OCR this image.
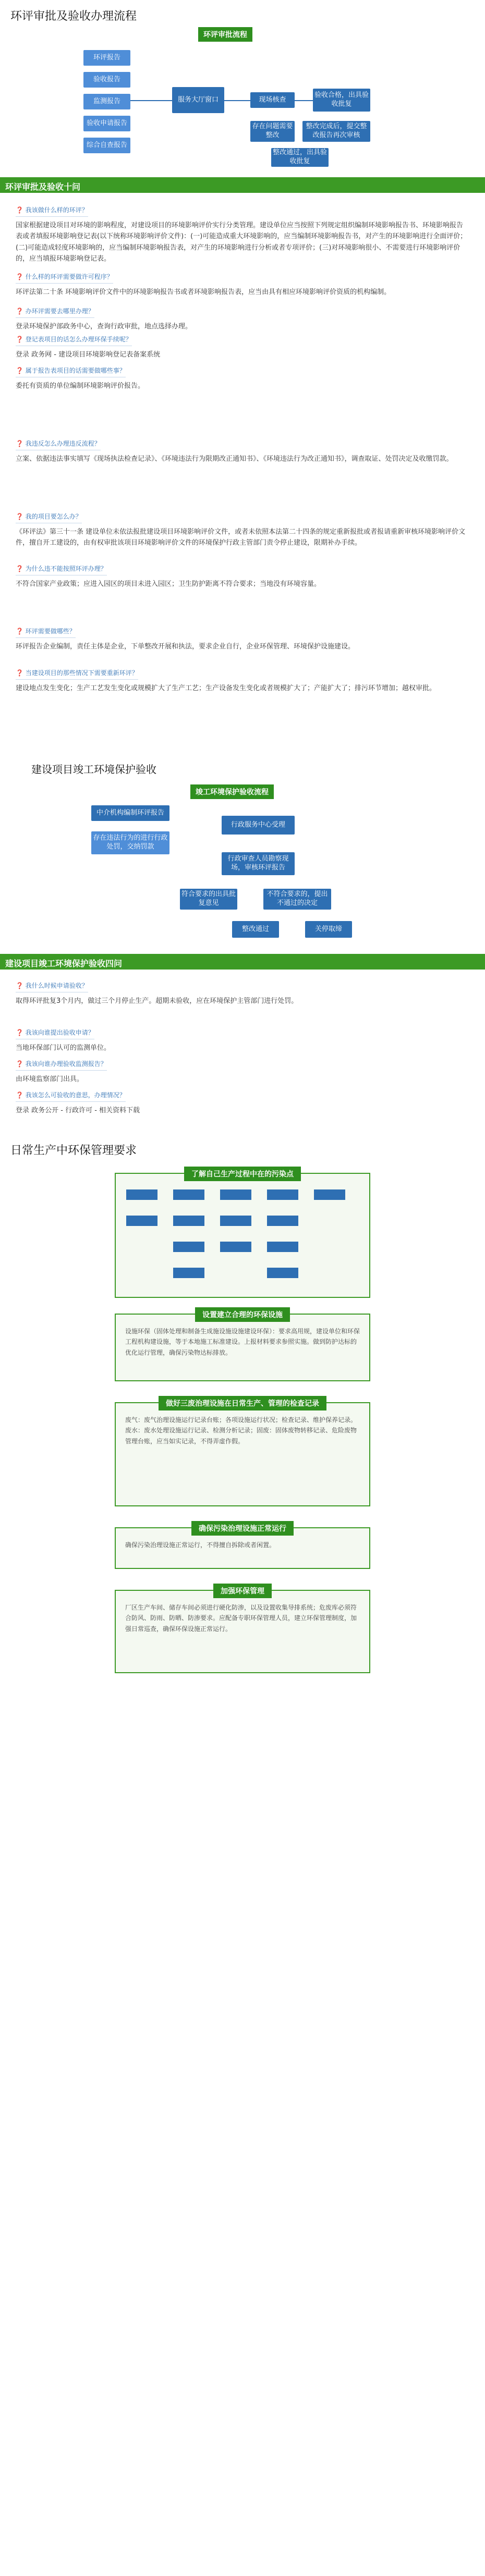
环评审批及验收办理流程
环评审批流程
环评报告
验收报告
监测报告
验收申请报告
综合自查报告
服务大厅窗口	现场核查
验收合格，出具验收批复
存在问题需要整改
整改完成后，提交整改报告再次审核
整改通过，出具验收批复
环评审批及验收十问
❓ 我该做什么样的环评？
国家根据建设项目对环境的影响程度，对建设项目的环境影响评价实行分类管理。建设单位应当按照下列规定组织编制环境影响报告书、环境影响报告表或者填报环境影响登记表(以下统称环境影响评价文件)：(一)可能造成重大环境影响的，应当编制环境影响报告书，对产生的环境影响进行全面评价；(二)可能造成轻度环境影响的，应当编制环境影响报告表，对产生的环境影响进行分析或者专项评价；(三)对环境影响很小、不需要进行环境影响评价的，应当填报环境影响登记表。
❓ 什么样的环评需要做许可程序？
环评法第二十条 环境影响评价文件中的环境影响报告书或者环境影响报告表，应当由具有相应环境影响评价资质的机构编制。
❓ 办环评需要去哪里办理？
登录环境保护部政务中心，查询行政审批，地点选择办理。
❓ 登记表项目的话怎么办理环保手续呢？
登录 政务网 - 建设项目环境影响登记表备案系统
❓ 属于报告表项目的话需要做哪些事？
委托有资质的单位编制环境影响评价报告。
❓ 我违反怎么办理违反流程？
立案、依据违法事实填写《现场执法检查记录》、《环境违法行为限期改正通知书》、《环境违法行为改正通知书》，调查取证、处罚决定及收缴罚款。
❓ 我的项目要怎么办？
《环评法》第三十一条 建设单位未依法报批建设项目环境影响评价文件，或者未依照本法第二十四条的规定重新报批或者报请重新审核环境影响评价文件，擅自开工建设的，由有权审批该项目环境影响评价文件的环境保护行政主管部门责令停止建设，限期补办手续。
❓ 为什么违不能按照环评办理？
不符合国家产业政策；应进入园区的项目未进入园区；卫生防护距离不符合要求；当地没有环境容量。
❓ 环评需要做哪些？
环评报告企业编制，责任主体是企业，下单整改开展和执法，要求企业自行，企业环保管理、环境保护设施建设。
❓ 当建设项目的那些情况下需要重新环评？
建设地点发生变化；生产工艺发生变化或规模扩大了生产工艺；生产设备发生变化或者规模扩大了；产能扩大了；排污环节增加；越权审批。
建设项目竣工环境保护验收
竣工环境保护验收流程
中介机构编制环评报告
存在违法行为的进行行政处罚，交纳罚款
行政服务中心受理
行政审查人员勘察现场，审核环评报告
符合要求的出具批复意见
不符合要求的，提出不通过的决定
整改通过	关停取缔
建设项目竣工环境保护验收四问
❓ 我什么时候申请验收？
取得环评批复3个月内，做过三个月停止生产。超期未验收，应在环境保护主管部门进行处罚。
❓ 我该向谁提出验收申请？
当地环保部门认可的监测单位。
❓ 我该向谁办理验收监测报告？
由环境监察部门出具。
❓ 我该怎么可验收的意思，办理情况？
登录 政务公开 - 行政许可 - 相关资料下载
日常生产中环保管理要求
了解自己生产过程中在的污染点
设置建立合理的环保设施
设施环保（固体处理和制备生成施设施设施建设环保）：要求高用规，建设单位和环保工程机构建设施，等于本地施工标准建设。上报材料要求参照实施。做到防护达标的优化运行管理，确保污染物达标排放。
做好三废治理设施在日常生产、管理的检查记录
废气：废气治理设施运行记录台账；各项设施运行状况；检查记录、维护保养记录。废水：废水处理设施运行记录、检测分析记录；固废：固体废物转移记录、危险废物管理台账，应当如实记录，不得弄虚作假。
确保污染治理设施正常运行
确保污染治理设施正常运行，不得擅自拆除或者闲置。
加强环保管理
厂区生产车间、储存车间必须进行硬化防渗，以及设置收集导排系统；危废库必须符合防风、防雨、防晒、防渗要求。应配备专职环保管理人员，建立环保管理制度，加强日常巡查，确保环保设施正常运行。
